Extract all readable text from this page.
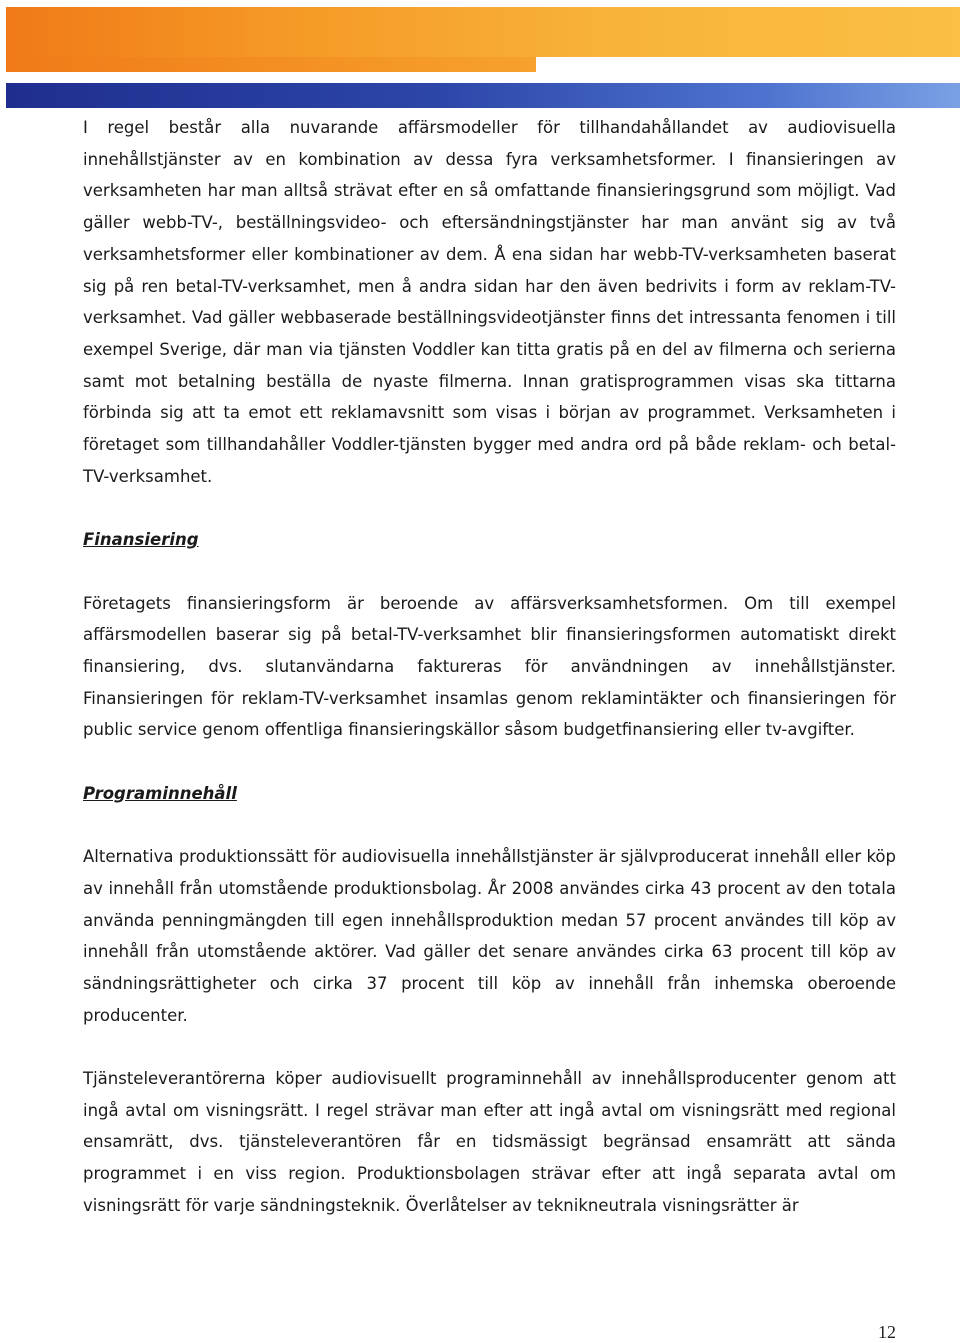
I regel består alla nuvarande affärsmodeller för tillhandahållandet av audiovisuella innehållstjänster av en kombination av dessa fyra verksamhetsformer. I finansieringen av verksamheten har man alltså strävat efter en så omfattande finansieringsgrund som möjligt. Vad gäller webb-TV-, beställningsvideo- och eftersändningstjänster har man använt sig av två verksamhetsformer eller kombinationer av dem. Å ena sidan har webb-TV-verksamheten baserat sig på ren betal-TV-verksamhet, men å andra sidan har den även bedrivits i form av reklam-TV-verksamhet. Vad gäller webbaserade beställningsvideotjänster finns det intressanta fenomen i till exempel Sverige, där man via tjänsten Voddler kan titta gratis på en del av filmerna och serierna samt mot betalning beställa de nyaste filmerna. Innan gratisprogrammen visas ska tittarna förbinda sig att ta emot ett reklamavsnitt som visas i början av programmet. Verksamheten i företaget som tillhandahåller Voddler-tjänsten bygger med andra ord på både reklam- och betal-TV-verksamhet.

Finansiering

Företagets finansieringsform är beroende av affärsverksamhetsformen. Om till exempel affärsmodellen baserar sig på betal-TV-verksamhet blir finansieringsformen automatiskt direkt finansiering, dvs. slutanvändarna faktureras för användningen av innehållstjänster. Finansieringen för reklam-TV-verksamhet insamlas genom reklamintäkter och finansieringen för public service genom offentliga finansieringskällor såsom budgetfinansiering eller tv-avgifter.

Programinnehåll

Alternativa produktionssätt för audiovisuella innehållstjänster är självproducerat innehåll eller köp av innehåll från utomstående produktionsbolag. År 2008 användes cirka 43 procent av den totala använda penningmängden till egen innehållsproduktion medan 57 procent användes till köp av innehåll från utomstående aktörer. Vad gäller det senare användes cirka 63 procent till köp av sändningsrättigheter och cirka 37 procent till köp av innehåll från inhemska oberoende producenter.

Tjänsteleverantörerna köper audiovisuellt programinnehåll av innehållsproducenter genom att ingå avtal om visningsrätt. I regel strävar man efter att ingå avtal om visningsrätt med regional ensamrätt, dvs. tjänsteleverantören får en tidsmässigt begränsad ensamrätt att sända programmet i en viss region. Produktionsbolagen strävar efter att ingå separata avtal om visningsrätt för varje sändningsteknik. Överlåtelser av teknikneutrala visningsrätter är

12
